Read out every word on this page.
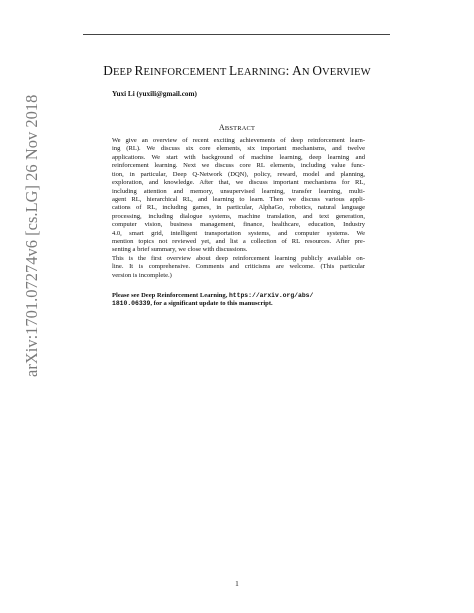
arXiv:1701.07274v6 [cs.LG] 26 Nov 2018
DEEP REINFORCEMENT LEARNING: AN OVERVIEW

Yuxi Li (yuxili@gmail.com)

ABSTRACT

We give an overview of recent exciting achievements of deep reinforcement learn-
ing (RL). We discuss six core elements, six important mechanisms, and twelve
applications. We start with background of machine learning, deep learning and
reinforcement learning. Next we discuss core RL elements, including value func-
tion, in particular, Deep Q-Network (DQN), policy, reward, model and planning,
exploration, and knowledge. After that, we discuss important mechanisms for RL,
including attention and memory, unsupervised learning, transfer learning, multi-
agent RL, hierarchical RL, and learning to learn. Then we discuss various appli-
cations of RL, including games, in particular, AlphaGo, robotics, natural language
processing, including dialogue systems, machine translation, and text generation,
computer vision, business management, finance, healthcare, education, Industry
4.0, smart grid, intelligent transportation systems, and computer systems. We
mention topics not reviewed yet, and list a collection of RL resources. After pre-
senting a brief summary, we close with discussions.

This is the first overview about deep reinforcement learning publicly available on-
line. It is comprehensive. Comments and criticisms are welcome. (This particular
version is incomplete.)

Please see Deep Reinforcement Learning, https://arxiv.org/abs/
1810.06339, for a significant update to this manuscript.

1
